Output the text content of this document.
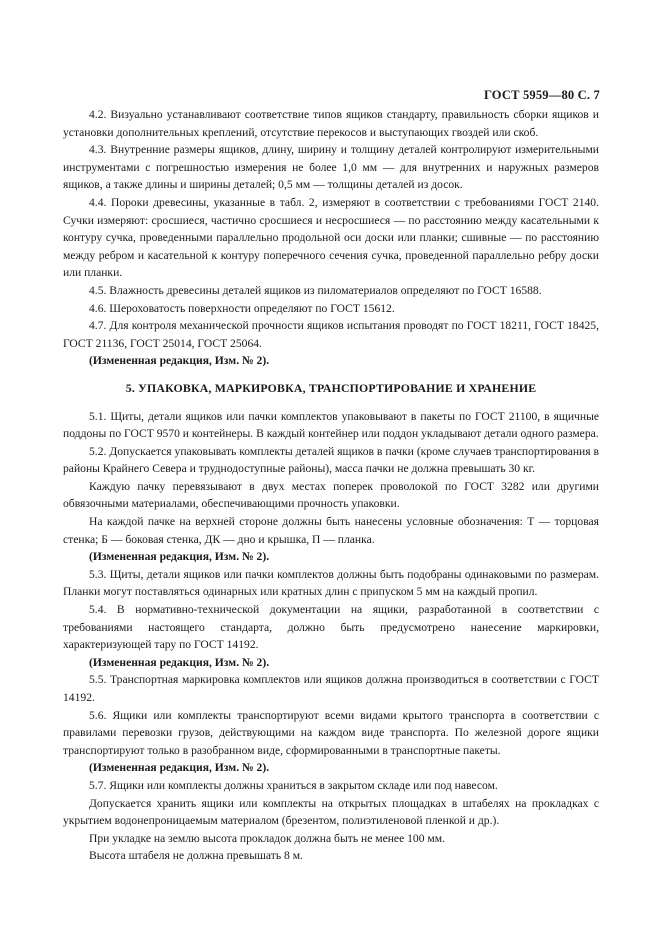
ГОСТ 5959—80 С. 7

4.2. Визуально устанавливают соответствие типов ящиков стандарту, правильность сборки ящиков и установки дополнительных креплений, отсутствие перекосов и выступающих гвоздей или скоб.

4.3. Внутренние размеры ящиков, длину, ширину и толщину деталей контролируют измерительными инструментами с погрешностью измерения не более 1,0 мм — для внутренних и наружных размеров ящиков, а также длины и ширины деталей; 0,5 мм — толщины деталей из досок.

4.4. Пороки древесины, указанные в табл. 2, измеряют в соответствии с требованиями ГОСТ 2140. Сучки измеряют: сросшиеся, частично сросшиеся и несросшиеся — по расстоянию между касательными к контуру сучка, проведенными параллельно продольной оси доски или планки; сшивные — по расстоянию между ребром и касательной к контуру поперечного сечения сучка, проведенной параллельно ребру доски или планки.

4.5. Влажность древесины деталей ящиков из пиломатериалов определяют по ГОСТ 16588.

4.6. Шероховатость поверхности определяют по ГОСТ 15612.

4.7. Для контроля механической прочности ящиков испытания проводят по ГОСТ 18211, ГОСТ 18425, ГОСТ 21136, ГОСТ 25014, ГОСТ 25064.

(Измененная редакция, Изм. № 2).

5. УПАКОВКА, МАРКИРОВКА, ТРАНСПОРТИРОВАНИЕ И ХРАНЕНИЕ

5.1. Щиты, детали ящиков или пачки комплектов упаковывают в пакеты по ГОСТ 21100, в ящичные поддоны по ГОСТ 9570 и контейнеры. В каждый контейнер или поддон укладывают детали одного размера.

5.2. Допускается упаковывать комплекты деталей ящиков в пачки (кроме случаев транспортирования в районы Крайнего Севера и труднодоступные районы), масса пачки не должна превышать 30 кг.

Каждую пачку перевязывают в двух местах поперек проволокой по ГОСТ 3282 или другими обвязочными материалами, обеспечивающими прочность упаковки.

На каждой пачке на верхней стороне должны быть нанесены условные обозначения: Т — торцовая стенка; Б — боковая стенка, ДК — дно и крышка, П — планка.

(Измененная редакция, Изм. № 2).

5.3. Щиты, детали ящиков или пачки комплектов должны быть подобраны одинаковыми по размерам. Планки могут поставляться одинарных или кратных длин с припуском 5 мм на каждый пропил.

5.4. В нормативно-технической документации на ящики, разработанной в соответствии с требованиями настоящего стандарта, должно быть предусмотрено нанесение маркировки, характеризующей тару по ГОСТ 14192.

(Измененная редакция, Изм. № 2).

5.5. Транспортная маркировка комплектов или ящиков должна производиться в соответствии с ГОСТ 14192.

5.6. Ящики или комплекты транспортируют всеми видами крытого транспорта в соответствии с правилами перевозки грузов, действующими на каждом виде транспорта. По железной дороге ящики транспортируют только в разобранном виде, сформированными в транспортные пакеты.

(Измененная редакция, Изм. № 2).

5.7. Ящики или комплекты должны храниться в закрытом складе или под навесом.

Допускается хранить ящики или комплекты на открытых площадках в штабелях на прокладках с укрытием водонепроницаемым материалом (брезентом, полиэтиленовой пленкой и др.).

При укладке на землю высота прокладок должна быть не менее 100 мм.

Высота штабеля не должна превышать 8 м.
